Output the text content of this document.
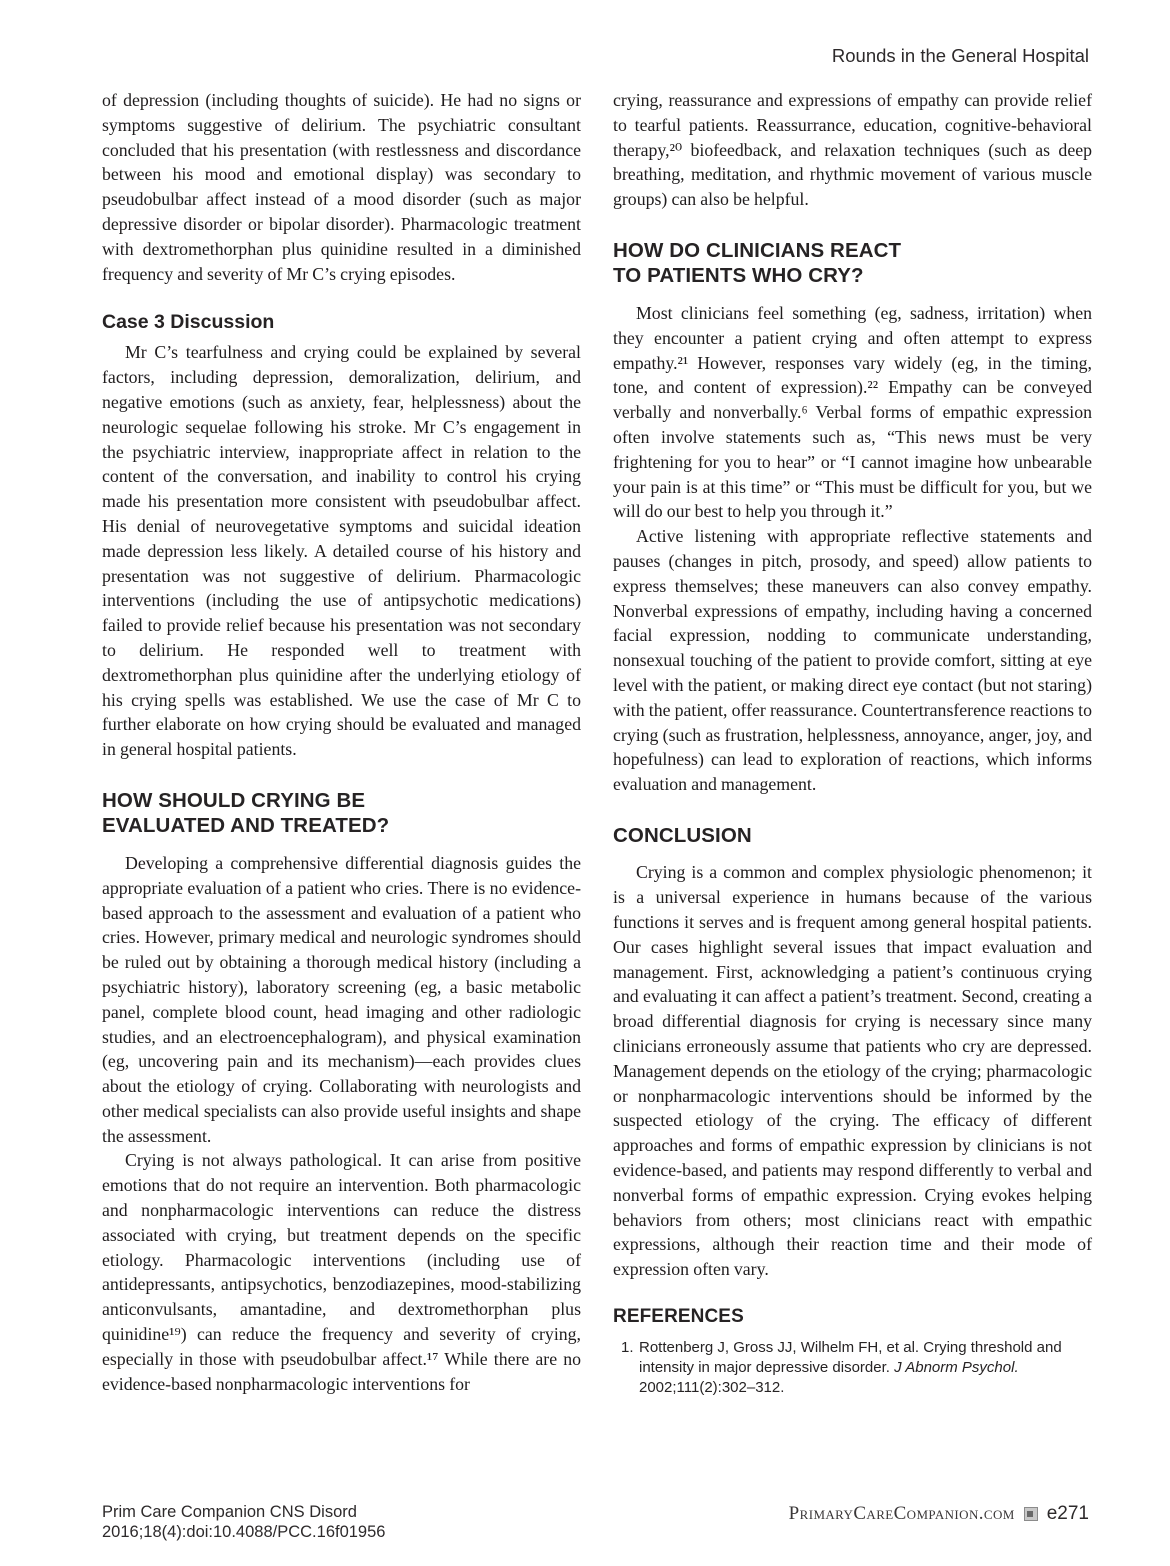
Rounds in the General Hospital

of depression (including thoughts of suicide). He had no signs or symptoms suggestive of delirium. The psychiatric consultant concluded that his presentation (with restlessness and discordance between his mood and emotional display) was secondary to pseudobulbar affect instead of a mood disorder (such as major depressive disorder or bipolar disorder). Pharmacologic treatment with dextromethorphan plus quinidine resulted in a diminished frequency and severity of Mr C’s crying episodes.

Case 3 Discussion

Mr C’s tearfulness and crying could be explained by several factors, including depression, demoralization, delirium, and negative emotions (such as anxiety, fear, helplessness) about the neurologic sequelae following his stroke. Mr C’s engagement in the psychiatric interview, inappropriate affect in relation to the content of the conversation, and inability to control his crying made his presentation more consistent with pseudobulbar affect. His denial of neurovegetative symptoms and suicidal ideation made depression less likely. A detailed course of his history and presentation was not suggestive of delirium. Pharmacologic interventions (including the use of antipsychotic medications) failed to provide relief because his presentation was not secondary to delirium. He responded well to treatment with dextromethorphan plus quinidine after the underlying etiology of his crying spells was established. We use the case of Mr C to further elaborate on how crying should be evaluated and managed in general hospital patients.

HOW SHOULD CRYING BE
EVALUATED AND TREATED?

Developing a comprehensive differential diagnosis guides the appropriate evaluation of a patient who cries. There is no evidence-based approach to the assessment and evaluation of a patient who cries. However, primary medical and neurologic syndromes should be ruled out by obtaining a thorough medical history (including a psychiatric history), laboratory screening (eg, a basic metabolic panel, complete blood count, head imaging and other radiologic studies, and an electroencephalogram), and physical examination (eg, uncovering pain and its mechanism)—each provides clues about the etiology of crying. Collaborating with neurologists and other medical specialists can also provide useful insights and shape the assessment.

Crying is not always pathological. It can arise from positive emotions that do not require an intervention. Both pharmacologic and nonpharmacologic interventions can reduce the distress associated with crying, but treatment depends on the specific etiology. Pharmacologic interventions (including use of antidepressants, antipsychotics, benzodiazepines, mood-stabilizing anticonvulsants, amantadine, and dextromethorphan plus quinidine¹⁹) can reduce the frequency and severity of crying, especially in those with pseudobulbar affect.¹⁷ While there are no evidence-based nonpharmacologic interventions for

crying, reassurance and expressions of empathy can provide relief to tearful patients. Reassurrance, education, cognitive-behavioral therapy,²⁰ biofeedback, and relaxation techniques (such as deep breathing, meditation, and rhythmic movement of various muscle groups) can also be helpful.

HOW DO CLINICIANS REACT
TO PATIENTS WHO CRY?

Most clinicians feel something (eg, sadness, irritation) when they encounter a patient crying and often attempt to express empathy.²¹ However, responses vary widely (eg, in the timing, tone, and content of expression).²² Empathy can be conveyed verbally and nonverbally.⁶ Verbal forms of empathic expression often involve statements such as, “This news must be very frightening for you to hear” or “I cannot imagine how unbearable your pain is at this time” or “This must be difficult for you, but we will do our best to help you through it.”

Active listening with appropriate reflective statements and pauses (changes in pitch, prosody, and speed) allow patients to express themselves; these maneuvers can also convey empathy. Nonverbal expressions of empathy, including having a concerned facial expression, nodding to communicate understanding, nonsexual touching of the patient to provide comfort, sitting at eye level with the patient, or making direct eye contact (but not staring) with the patient, offer reassurance. Countertransference reactions to crying (such as frustration, helplessness, annoyance, anger, joy, and hopefulness) can lead to exploration of reactions, which informs evaluation and management.

CONCLUSION

Crying is a common and complex physiologic phenomenon; it is a universal experience in humans because of the various functions it serves and is frequent among general hospital patients. Our cases highlight several issues that impact evaluation and management. First, acknowledging a patient’s continuous crying and evaluating it can affect a patient’s treatment. Second, creating a broad differential diagnosis for crying is necessary since many clinicians erroneously assume that patients who cry are depressed. Management depends on the etiology of the crying; pharmacologic or nonpharmacologic interventions should be informed by the suspected etiology of the crying. The efficacy of different approaches and forms of empathic expression by clinicians is not evidence-based, and patients may respond differently to verbal and nonverbal forms of empathic expression. Crying evokes helping behaviors from others; most clinicians react with empathic expressions, although their reaction time and their mode of expression often vary.

REFERENCES
1. Rottenberg J, Gross JJ, Wilhelm FH, et al. Crying threshold and intensity in major depressive disorder. J Abnorm Psychol. 2002;111(2):302–312.
Prim Care Companion CNS Disord
2016;18(4):doi:10.4088/PCC.16f01956
PrimaryCareCompanion.com e271
